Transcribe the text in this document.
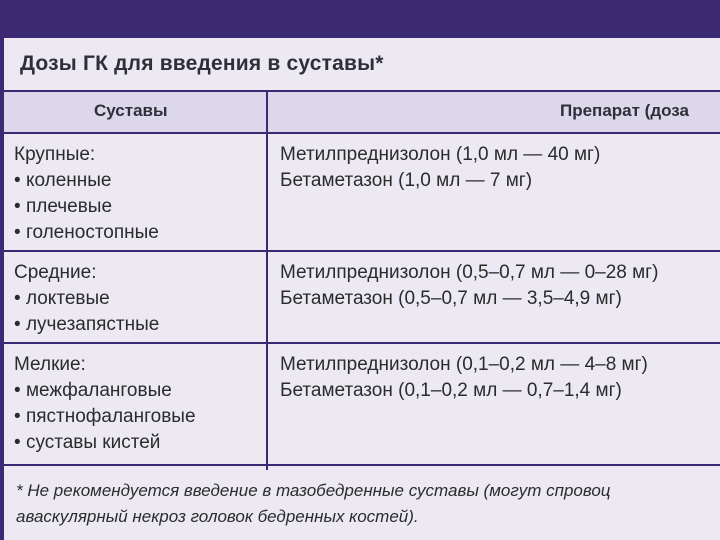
Дозы ГК для введения в суставы*
Суставы	Препарат (доза
Крупные:
• коленные
• плечевые
• голеностопные
Метилпреднизолон (1,0 мл — 40 мг)
Бетаметазон (1,0 мл — 7 мг)
Средние:
• локтевые
• лучезапястные
Метилпреднизолон (0,5–0,7 мл — 0–28 мг)
Бетаметазон (0,5–0,7 мл — 3,5–4,9 мг)
Мелкие:
• межфаланговые
• пястнофаланговые
• суставы кистей
Метилпреднизолон (0,1–0,2 мл — 4–8 мг)
Бетаметазон (0,1–0,2 мл — 0,7–1,4 мг)
* Не рекомендуется введение в тазобедренные суставы (могут спровоц
аваскулярный некроз головок бедренных костей).
